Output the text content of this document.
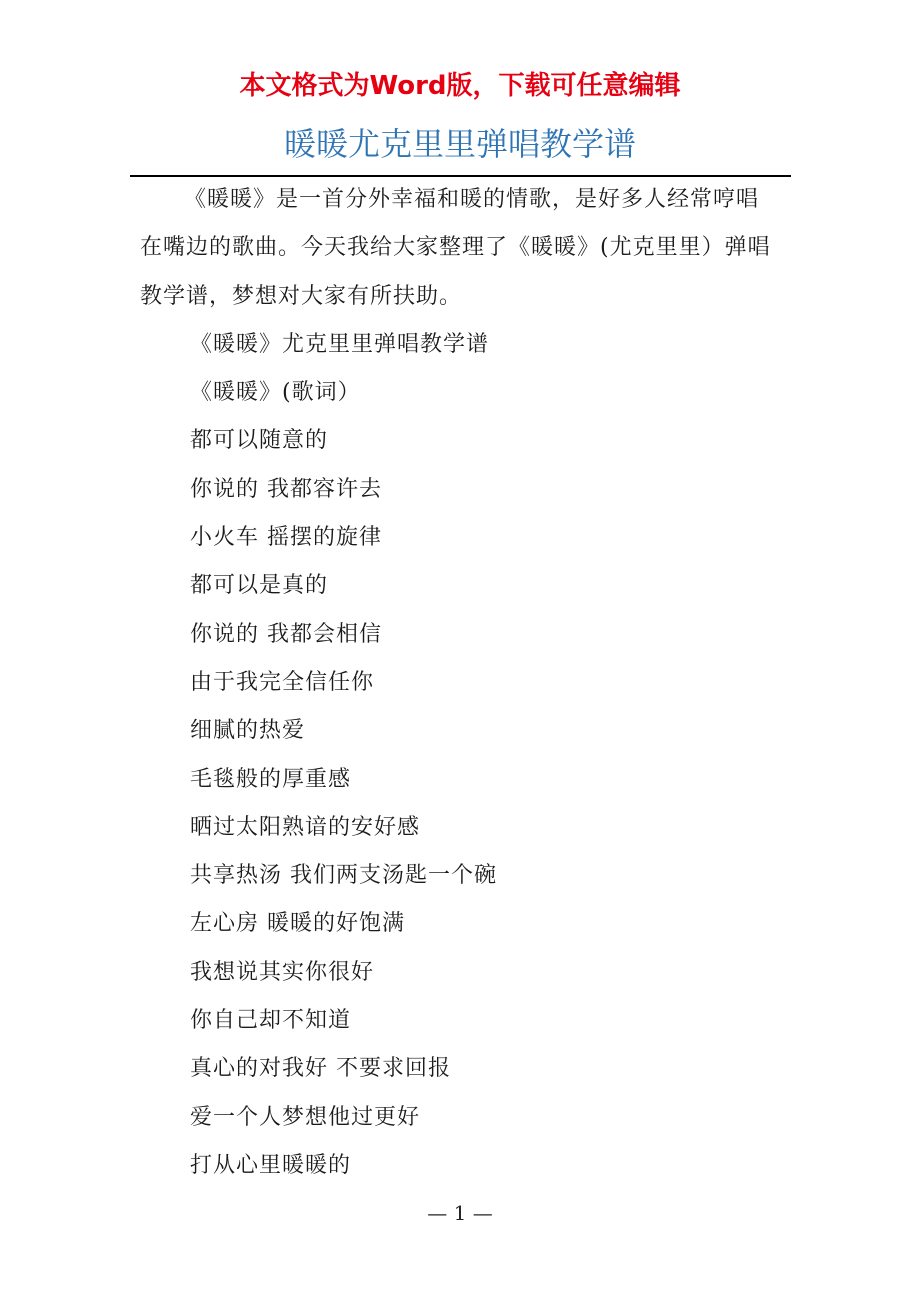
本文格式为Word版，下载可任意编辑
暖暖尤克里里弹唱教学谱

《暖暖》是一首分外幸福和暖的情歌，是好多人经常哼唱在嘴边的歌曲。今天我给大家整理了《暖暖》(尤克里里）弹唱教学谱，梦想对大家有所扶助。

《暖暖》尤克里里弹唱教学谱

《暖暖》(歌词）

都可以随意的

你说的 我都容许去

小火车 摇摆的旋律

都可以是真的

你说的 我都会相信

由于我完全信任你

细腻的热爱

毛毯般的厚重感

晒过太阳熟谙的安好感

共享热汤 我们两支汤匙一个碗

左心房 暖暖的好饱满

我想说其实你很好

你自己却不知道

真心的对我好 不要求回报

爱一个人梦想他过更好

打从心里暖暖的

— 1 —
